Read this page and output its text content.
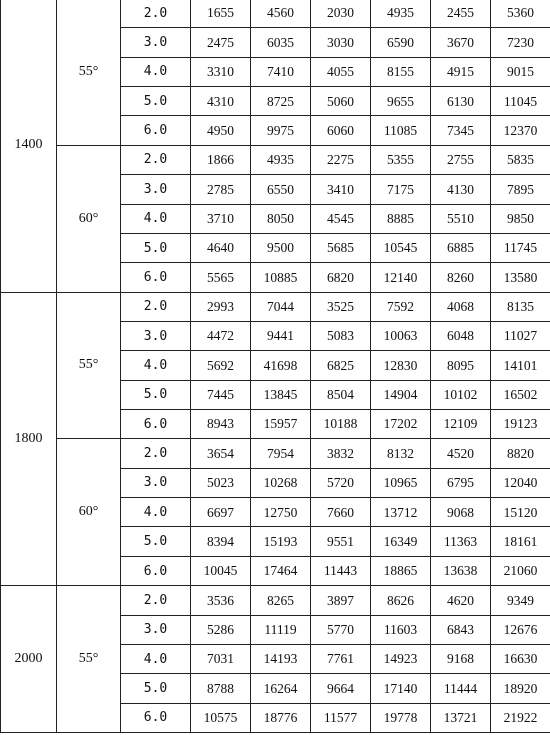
1400	55°	2.0	1655	4560	2030	4935	2455	5360
		3.0	2475	6035	3030	6590	3670	7230
		4.0	3310	7410	4055	8155	4915	9015
		5.0	4310	8725	5060	9655	6130	11045
		6.0	4950	9975	6060	11085	7345	12370
	60°	2.0	1866	4935	2275	5355	2755	5835
		3.0	2785	6550	3410	7175	4130	7895
		4.0	3710	8050	4545	8885	5510	9850
		5.0	4640	9500	5685	10545	6885	11745
		6.0	5565	10885	6820	12140	8260	13580
1800	55°	2.0	2993	7044	3525	7592	4068	8135
		3.0	4472	9441	5083	10063	6048	11027
		4.0	5692	41698	6825	12830	8095	14101
		5.0	7445	13845	8504	14904	10102	16502
		6.0	8943	15957	10188	17202	12109	19123
	60°	2.0	3654	7954	3832	8132	4520	8820
		3.0	5023	10268	5720	10965	6795	12040
		4.0	6697	12750	7660	13712	9068	15120
		5.0	8394	15193	9551	16349	11363	18161
		6.0	10045	17464	11443	18865	13638	21060
2000	55°	2.0	3536	8265	3897	8626	4620	9349
		3.0	5286	11119	5770	11603	6843	12676
		4.0	7031	14193	7761	14923	9168	16630
		5.0	8788	16264	9664	17140	11444	18920
		6.0	10575	18776	11577	19778	13721	21922
